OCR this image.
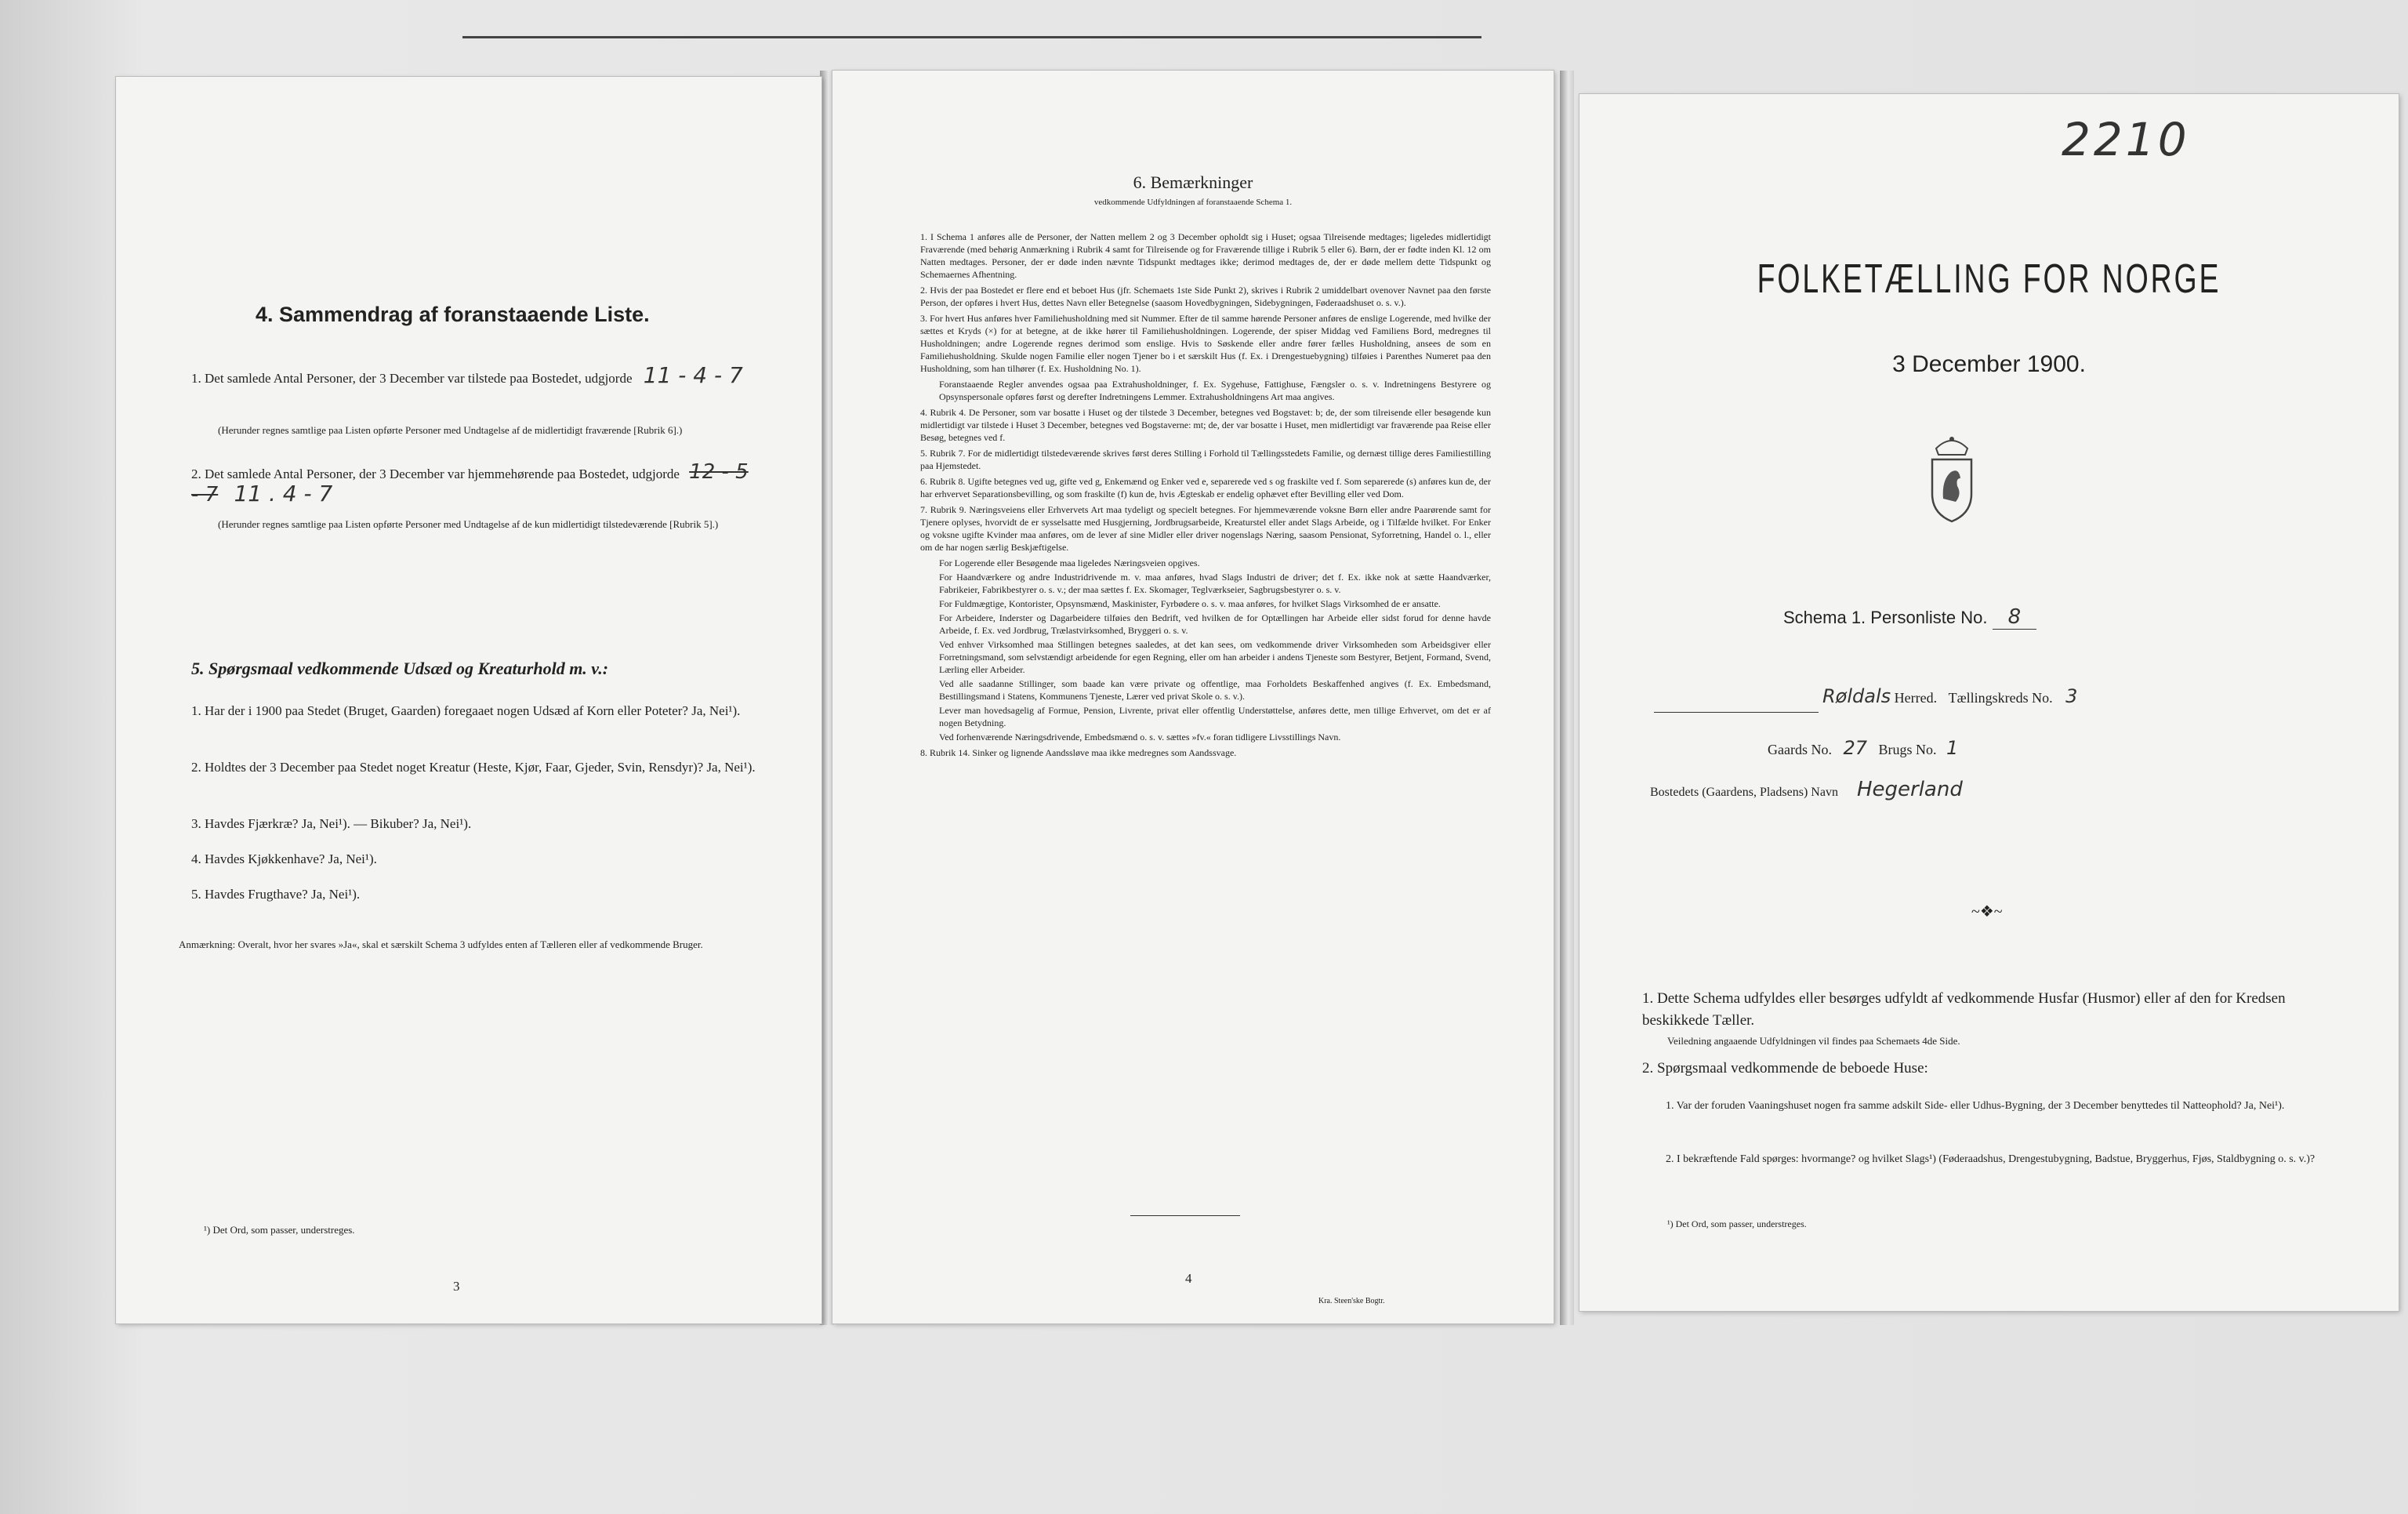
4. Sammendrag af foranstaaende Liste.
1. Det samlede Antal Personer, der 3 December var tilstede paa Bostedet, udgjorde 11 - 4 - 7
(Herunder regnes samtlige paa Listen opførte Personer med Undtagelse af de midlertidigt fraværende [Rubrik 6].)
2. Det samlede Antal Personer, der 3 December var hjemmehørende paa Bostedet, udgjorde 12 - 5 - 7 11 . 4 - 7
(Herunder regnes samtlige paa Listen opførte Personer med Undtagelse af de kun midlertidigt tilstedeværende [Rubrik 5].)
5. Spørgsmaal vedkommende Udsæd og Kreaturhold m. v.:
1. Har der i 1900 paa Stedet (Bruget, Gaarden) foregaaet nogen Udsæd af Korn eller Poteter? Ja, Nei¹).
2. Holdtes der 3 December paa Stedet noget Kreatur (Heste, Kjør, Faar, Gjeder, Svin, Rensdyr)? Ja, Nei¹).
3. Havdes Fjærkræ? Ja, Nei¹). — Bikuber? Ja, Nei¹).
4. Havdes Kjøkkenhave? Ja, Nei¹).
5. Havdes Frugthave? Ja, Nei¹).
Anmærkning: Overalt, hvor her svares »Ja«, skal et særskilt Schema 3 udfyldes enten af Tælleren eller af vedkommende Bruger.
¹) Det Ord, som passer, understreges.
3
6. Bemærkninger
vedkommende Udfyldningen af foranstaaende Schema 1.

1. I Schema 1 anføres alle de Personer, der Natten mellem 2 og 3 December opholdt sig i Huset; ogsaa Tilreisende medtages; ligeledes midlertidigt Fraværende (med behørig Anmærkning i Rubrik 4 samt for Tilreisende og for Fraværende tillige i Rubrik 5 eller 6). Børn, der er fødte inden Kl. 12 om Natten medtages. Personer, der er døde inden nævnte Tidspunkt medtages ikke; derimod medtages de, der er døde mellem dette Tidspunkt og Schemaernes Afhentning.

2. Hvis der paa Bostedet er flere end et beboet Hus (jfr. Schemaets 1ste Side Punkt 2), skrives i Rubrik 2 umiddelbart ovenover Navnet paa den første Person, der opføres i hvert Hus, dettes Navn eller Betegnelse (saasom Hovedbygningen, Sidebygningen, Føderaadshuset o. s. v.).

3. For hvert Hus anføres hver Familiehusholdning med sit Nummer. Efter de til samme hørende Personer anføres de enslige Logerende, med hvilke der sættes et Kryds (×) for at betegne, at de ikke hører til Familiehusholdningen. Logerende, der spiser Middag ved Familiens Bord, medregnes til Husholdningen; andre Logerende regnes derimod som enslige. Hvis to Søskende eller andre fører fælles Husholdning, ansees de som en Familiehusholdning. Skulde nogen Familie eller nogen Tjener bo i et særskilt Hus (f. Ex. i Drengestuebygning) tilføies i Parenthes Numeret paa den Husholdning, som han tilhører (f. Ex. Husholdning No. 1).

Foranstaaende Regler anvendes ogsaa paa Extrahusholdninger, f. Ex. Sygehuse, Fattighuse, Fængsler o. s. v. Indretningens Bestyrere og Opsynspersonale opføres først og derefter Indretningens Lemmer. Extrahusholdningens Art maa angives.

4. Rubrik 4. De Personer, som var bosatte i Huset og der tilstede 3 December, betegnes ved Bogstavet: b; de, der som tilreisende eller besøgende kun midlertidigt var tilstede i Huset 3 December, betegnes ved Bogstaverne: mt; de, der var bosatte i Huset, men midlertidigt var fraværende paa Reise eller Besøg, betegnes ved f.

5. Rubrik 7. For de midlertidigt tilstedeværende skrives først deres Stilling i Forhold til Tællingsstedets Familie, og dernæst tillige deres Familiestilling paa Hjemstedet.

6. Rubrik 8. Ugifte betegnes ved ug, gifte ved g, Enkemænd og Enker ved e, separerede ved s og fraskilte ved f. Som separerede (s) anføres kun de, der har erhvervet Separationsbevilling, og som fraskilte (f) kun de, hvis Ægteskab er endelig ophævet efter Bevilling eller ved Dom.

7. Rubrik 9. Næringsveiens eller Erhvervets Art maa tydeligt og specielt betegnes. For hjemmeværende voksne Børn eller andre Paarørende samt for Tjenere oplyses, hvorvidt de er sysselsatte med Husgjerning, Jordbrugsarbeide, Kreaturstel eller andet Slags Arbeide, og i Tilfælde hvilket. For Enker og voksne ugifte Kvinder maa anføres, om de lever af sine Midler eller driver nogenslags Næring, saasom Pensionat, Syforretning, Handel o. l., eller om de har nogen særlig Beskjæftigelse.

For Logerende eller Besøgende maa ligeledes Næringsveien opgives.

For Haandværkere og andre Industridrivende m. v. maa anføres, hvad Slags Industri de driver; det f. Ex. ikke nok at sætte Haandværker, Fabrikeier, Fabrikbestyrer o. s. v.; der maa sættes f. Ex. Skomager, Teglværkseier, Sagbrugsbestyrer o. s. v.

For Fuldmægtige, Kontorister, Opsynsmænd, Maskinister, Fyrbødere o. s. v. maa anføres, for hvilket Slags Virksomhed de er ansatte.

For Arbeidere, Inderster og Dagarbeidere tilføies den Bedrift, ved hvilken de for Optællingen har Arbeide eller sidst forud for denne havde Arbeide, f. Ex. ved Jordbrug, Trælastvirksomhed, Bryggeri o. s. v.

Ved enhver Virksomhed maa Stillingen betegnes saaledes, at det kan sees, om vedkommende driver Virksomheden som Arbeidsgiver eller Forretningsmand, som selvstændigt arbeidende for egen Regning, eller om han arbeider i andens Tjeneste som Bestyrer, Betjent, Formand, Svend, Lærling eller Arbeider.

Ved alle saadanne Stillinger, som baade kan være private og offentlige, maa Forholdets Beskaffenhed angives (f. Ex. Embedsmand, Bestillingsmand i Statens, Kommunens Tjeneste, Lærer ved privat Skole o. s. v.).

Lever man hovedsagelig af Formue, Pension, Livrente, privat eller offentlig Understøttelse, anføres dette, men tillige Erhvervet, om det er af nogen Betydning.

Ved forhenværende Næringsdrivende, Embedsmænd o. s. v. sættes »fv.« foran tidligere Livsstillings Navn.

8. Rubrik 14. Sinker og lignende Aandssløve maa ikke medregnes som Aandssvage.

4
Kra. Steen'ske Bogtr.
2210
FOLKETÆLLING FOR NORGE
3 December 1900.
Schema 1. Personliste No. 8
Røldals Herred. Tællingskreds No. 3
Gaards No. 27 Brugs No. 1
Bostedets (Gaardens, Pladsens) Navn Hegerland
~❖~
1. Dette Schema udfyldes eller besørges udfyldt af vedkommende Husfar (Husmor) eller af den for Kredsen beskikkede Tæller.
Veiledning angaaende Udfyldningen vil findes paa Schemaets 4de Side.
2. Spørgsmaal vedkommende de beboede Huse:
1. Var der foruden Vaaningshuset nogen fra samme adskilt Side- eller Udhus-Bygning, der 3 December benyttedes til Natteophold? Ja, Nei¹).
2. I bekræftende Fald spørges: hvormange? og hvilket Slags¹) (Føderaadshus, Drengestubygning, Badstue, Bryggerhus, Fjøs, Staldbygning o. s. v.)?
¹) Det Ord, som passer, understreges.
